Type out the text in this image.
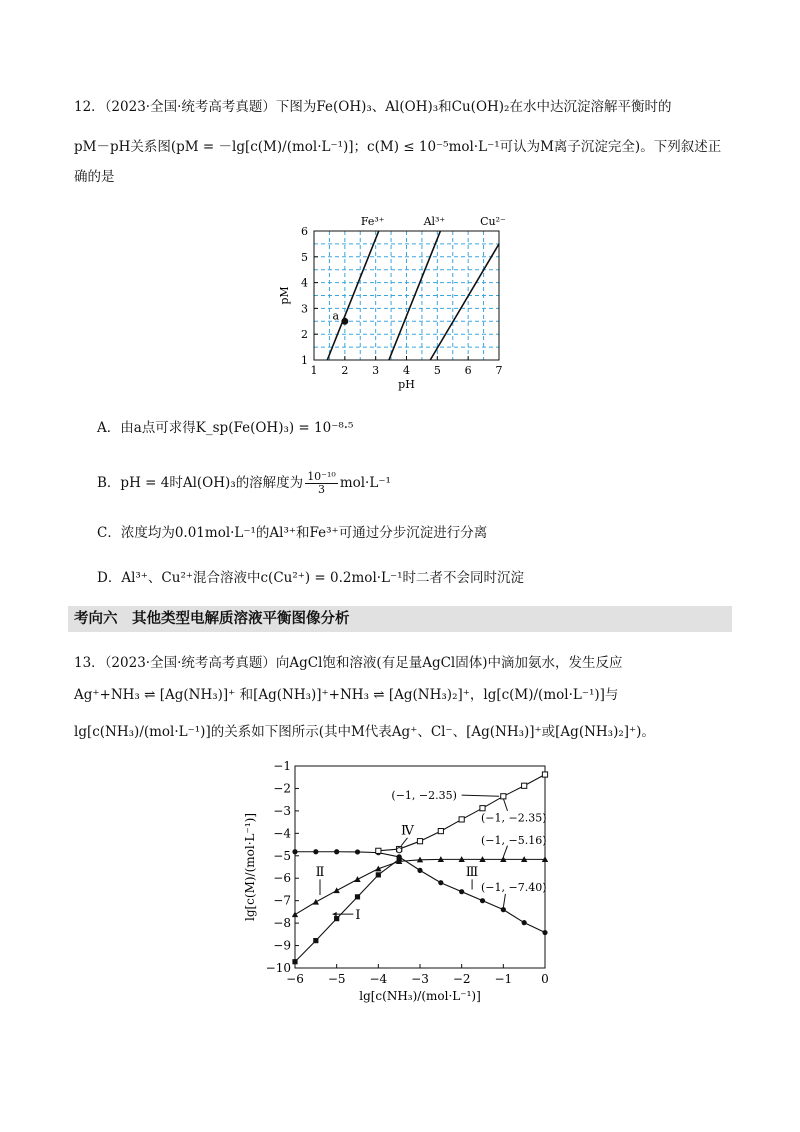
12．（2023·全国·统考高考真题）下图为Fe(OH)₃、Al(OH)₃和Cu(OH)₂在水中达沉淀溶解平衡时的
pM－pH关系图(pM = －lg[c(M)/(mol·L⁻¹)]；c(M) ≤ 10⁻⁵mol·L⁻¹可认为M离子沉淀完全)。下列叙述正
确的是
1 2 3 4 5 6 7
1
2
3
4
5
6
pH
pM
Fe³⁺	Al³⁺	Cu²⁻
a
A．由a点可求得K_sp(Fe(OH)₃) = 10⁻⁸·⁵
B．pH = 4时Al(OH)₃的溶解度为 $\frac{\text{10⁻¹⁰}}{3} mol\cdot L^{-1}$
C．浓度均为0.01mol·L⁻¹的Al³⁺和Fe³⁺可通过分步沉淀进行分离
D．Al³⁺、Cu²⁺混合溶液中c(Cu²⁺) = 0.2mol·L⁻¹时二者不会同时沉淀
考向六　其他类型电解质溶液平衡图像分析
13．（2023·全国·统考高考真题）向AgCl饱和溶液(有足量AgCl固体)中滴加氨水，发生反应
Ag⁺+NH₃ ⇌ [Ag(NH₃)]⁺ 和[Ag(NH₃)]⁺+NH₃ ⇌ [Ag(NH₃)₂]⁺，lg[c(M)/(mol·L⁻¹)]与
lg[c(NH₃)/(mol·L⁻¹)]的关系如下图所示(其中M代表Ag⁺、Cl⁻、[Ag(NH₃)]⁺或[Ag(NH₃)₂]⁺)。
−6 −5 −4 −3 −2 −1 0
−1
−2
−3
−4
−5
−6
−7
−8
−9
−10
lg[c(NH₃)/(mol·L⁻¹)]
lg[c(M)/(mol·L⁻¹)]	Ⅰ
Ⅱ	Ⅲ
Ⅳ
(−1, −2.35)
(−1, −2.35)
(−1, −5.16)
(−1, −7.40)
